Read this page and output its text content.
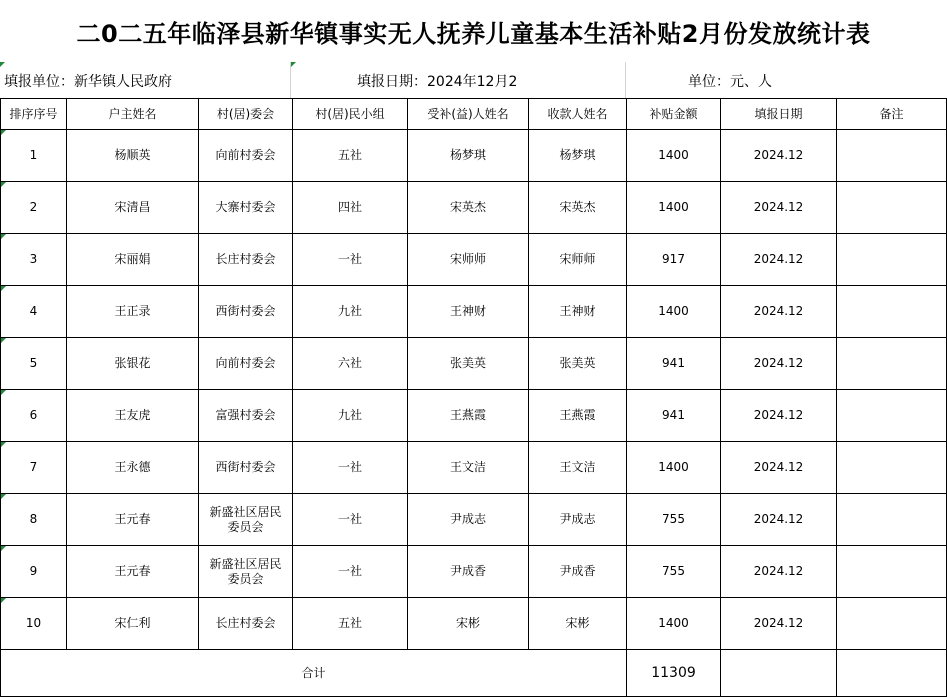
二0二五年临泽县新华镇事实无人抚养儿童基本生活补贴2月份发放统计表
填报单位：新华镇人民政府	填报日期：2024年12月2	单位：元、人
排序序号	户主姓名	村(居)委会	村(居)民小组	受补(益)人姓名	收款人姓名	补贴金额	填报日期	备注

1	杨顺英	向前村委会	五社	杨梦琪	杨梦琪	1400	2024.12	

2	宋清昌	大寨村委会	四社	宋英杰	宋英杰	1400	2024.12	

3	宋丽娟	长庄村委会	一社	宋师师	宋师师	917	2024.12	

4	王正录	西街村委会	九社	王神财	王神财	1400	2024.12	

5	张银花	向前村委会	六社	张美英	张美英	941	2024.12	

6	王友虎	富强村委会	九社	王燕霞	王燕霞	941	2024.12	

7	王永德	西街村委会	一社	王文洁	王文洁	1400	2024.12	

8	王元春	新盛社区居民委员会	一社	尹成志	尹成志	755	2024.12	

9	王元春	新盛社区居民委员会	一社	尹成香	尹成香	755	2024.12	

10	宋仁利	长庄村委会	五社	宋彬	宋彬	1400	2024.12	
合计						11309		
